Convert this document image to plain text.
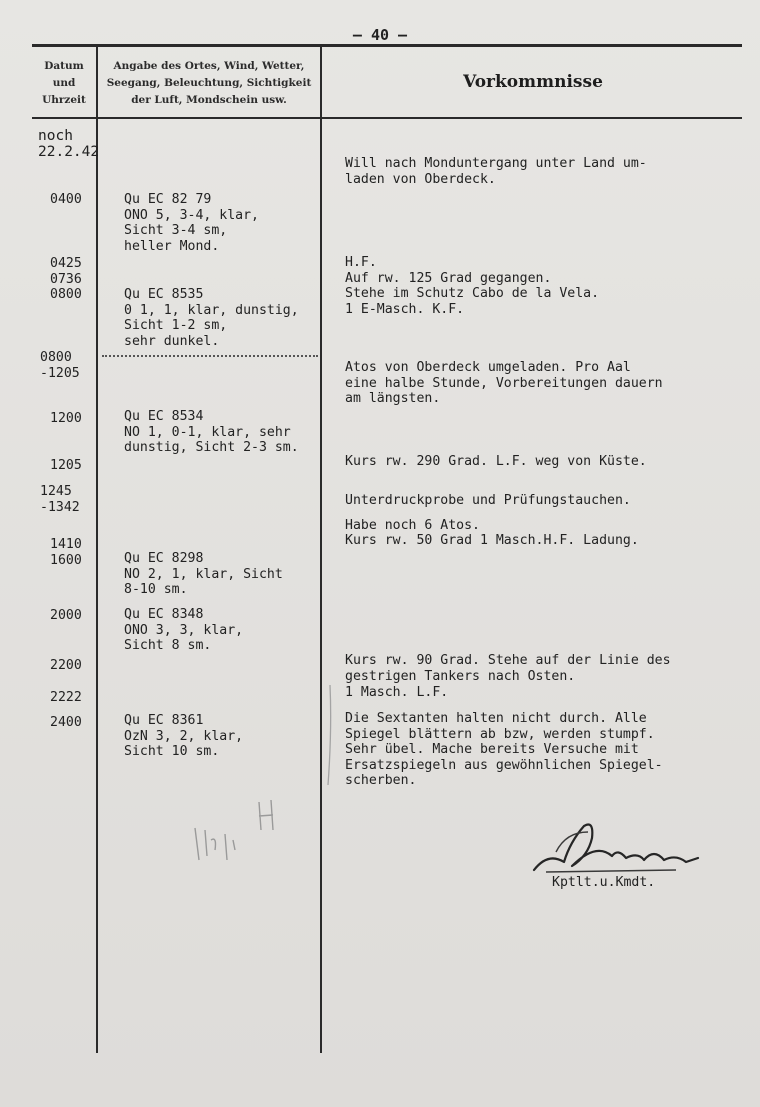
‒ 40 ‒
Datum
und
Uhrzeit
Angabe des Ortes, Wind, Wetter,
Seegang, Beleuchtung, Sichtigkeit
der Luft, Mondschein usw.
Vorkommnisse
noch
22.2.42
0400
0425
0736
0800
0800
-1205
1200
1205
1245
-1342
1410
1600
2000
2200
2222
2400
Qu EC 82 79
ONO 5, 3-4, klar,
Sicht 3-4 sm,
heller Mond.
Qu EC 8535
0 1, 1, klar, dunstig,
Sicht 1-2 sm,
sehr dunkel.
Qu EC 8534
NO 1, 0-1, klar, sehr
dunstig, Sicht 2-3 sm.
Qu EC 8298
NO 2, 1, klar, Sicht
8-10 sm.
Qu EC 8348
ONO 3, 3, klar,
Sicht 8 sm.
Qu EC 8361
OzN 3, 2, klar,
Sicht 10 sm.
Will nach Monduntergang unter Land um-
laden von Oberdeck.
H.F.
Auf rw. 125 Grad gegangen.
Stehe im Schutz Cabo de la Vela.
1 E-Masch. K.F.
Atos von Oberdeck umgeladen. Pro Aal
eine halbe Stunde, Vorbereitungen dauern
am längsten.
Kurs rw. 290 Grad. L.F. weg von Küste.
Unterdruckprobe und Prüfungstauchen.
Habe noch 6 Atos.
Kurs rw. 50 Grad 1 Masch.H.F. Ladung.
Kurs rw. 90 Grad. Stehe auf der Linie des
gestrigen Tankers nach Osten.
1 Masch. L.F.
Die Sextanten halten nicht durch. Alle
Spiegel blättern ab bzw, werden stumpf.
Sehr übel. Mache bereits Versuche mit
Ersatzspiegeln aus gewöhnlichen Spiegel-
scherben.
Kptlt.u.Kmdt.
